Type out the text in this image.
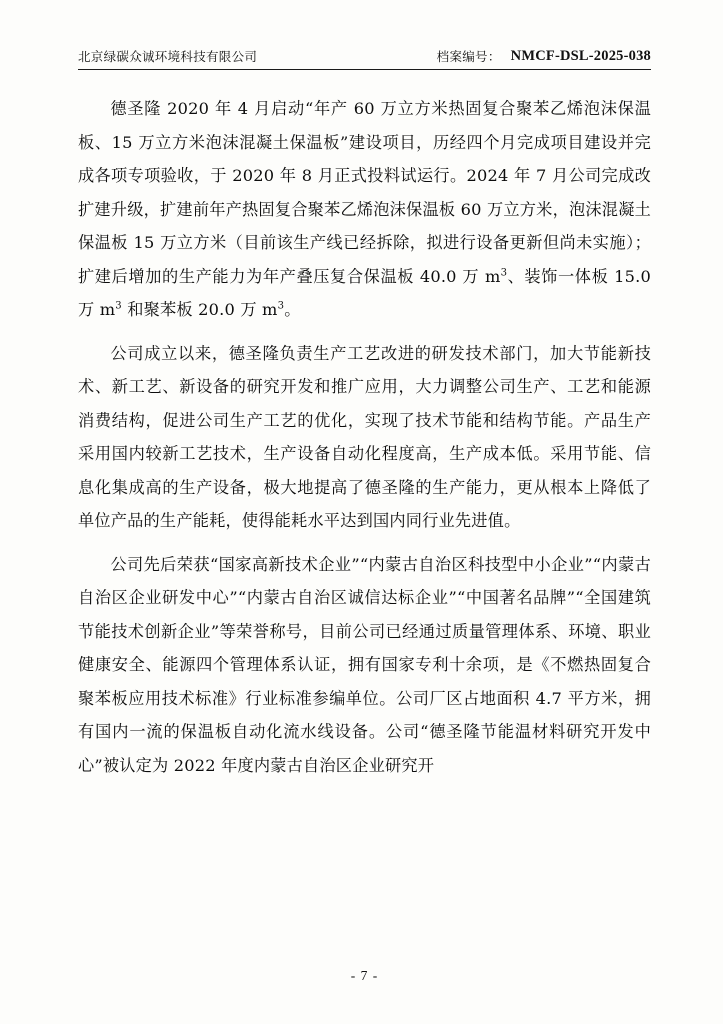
北京绿碳众诚环境科技有限公司	档案编号： NMCF-DSL-2025-038

德圣隆 2020 年 4 月启动“年产 60 万立方米热固复合聚苯乙烯泡沫保温板、15 万立方米泡沫混凝土保温板”建设项目，历经四个月完成项目建设并完成各项专项验收，于 2020 年 8 月正式投料试运行。2024 年 7 月公司完成改扩建升级，扩建前年产热固复合聚苯乙烯泡沫保温板 60 万立方米，泡沫混凝土保温板 15 万立方米（目前该生产线已经拆除，拟进行设备更新但尚未实施）；扩建后增加的生产能力为年产叠压复合保温板 40.0 万 $m^3$、装饰一体板 15.0 万 $m^3$ 和聚苯板 20.0 万 $m^3$。

公司成立以来，德圣隆负责生产工艺改进的研发技术部门，加大节能新技术、新工艺、新设备的研究开发和推广应用，大力调整公司生产、工艺和能源消费结构，促进公司生产工艺的优化，实现了技术节能和结构节能。产品生产采用国内较新工艺技术，生产设备自动化程度高，生产成本低。采用节能、信息化集成高的生产设备，极大地提高了德圣隆的生产能力，更从根本上降低了单位产品的生产能耗，使得能耗水平达到国内同行业先进值。

公司先后荣获“国家高新技术企业”“内蒙古自治区科技型中小企业”“内蒙古自治区企业研发中心”“内蒙古自治区诚信达标企业”“中国著名品牌”“全国建筑节能技术创新企业”等荣誉称号，目前公司已经通过质量管理体系、环境、职业健康安全、能源四个管理体系认证，拥有国家专利十余项，是《不燃热固复合聚苯板应用技术标准》行业标准参编单位。公司厂区占地面积 4.7 平方米，拥有国内一流的保温板自动化流水线设备。公司“德圣隆节能温材料研究开发中心”被认定为 2022 年度内蒙古自治区企业研究开

- 7 -
